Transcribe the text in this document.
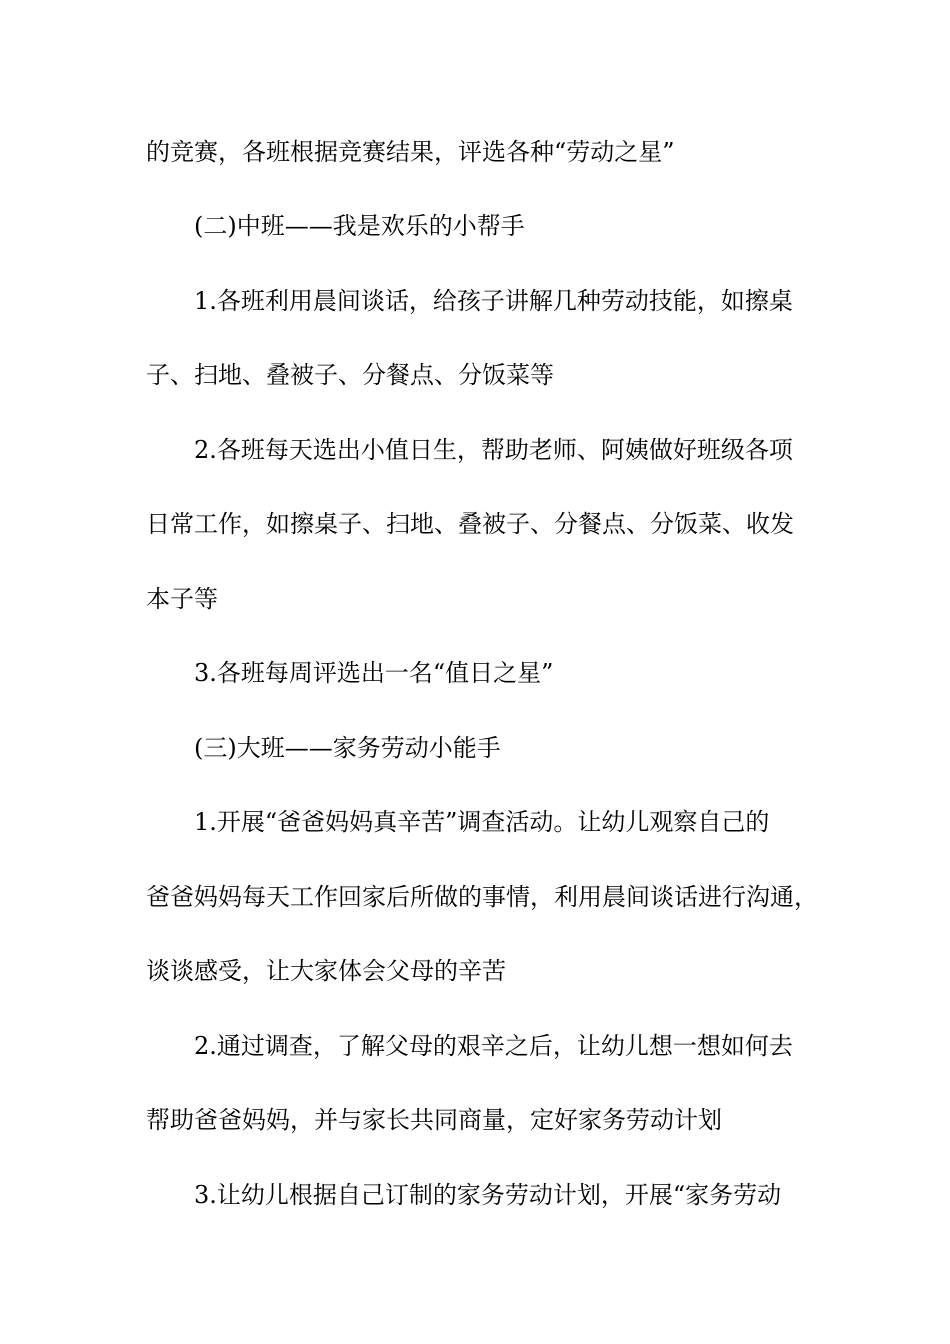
的竞赛，各班根据竞赛结果，评选各种“劳动之星”
(二)中班——我是欢乐的小帮手
1.各班利用晨间谈话，给孩子讲解几种劳动技能，如擦桌
子、扫地、叠被子、分餐点、分饭菜等
2.各班每天选出小值日生，帮助老师、阿姨做好班级各项
日常工作，如擦桌子、扫地、叠被子、分餐点、分饭菜、收发
本子等
3.各班每周评选出一名“值日之星”
(三)大班——家务劳动小能手
1.开展“爸爸妈妈真辛苦”调查活动。让幼儿观察自己的
爸爸妈妈每天工作回家后所做的事情，利用晨间谈话进行沟通，
谈谈感受，让大家体会父母的辛苦
2.通过调查，了解父母的艰辛之后，让幼儿想一想如何去
帮助爸爸妈妈，并与家长共同商量，定好家务劳动计划
3.让幼儿根据自己订制的家务劳动计划，开展“家务劳动
